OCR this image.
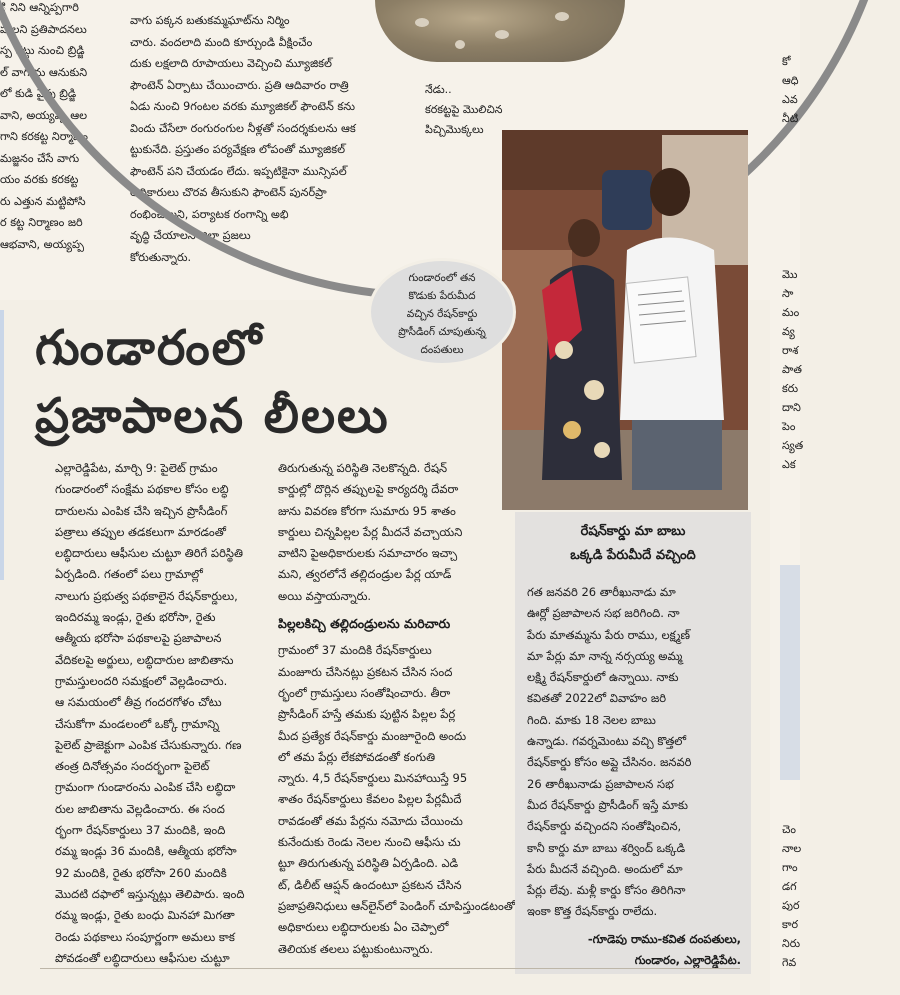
ి నిని ఆన్నిప్పగారి
హాలని ప్రతిపాదనలు
స్ప గట్టు నుంచి బ్రిడ్జి
ల్ వాగును ఆనుకుని
లో కుడి వైపు బ్రిడ్జి
వాని, అయ్యప్ప ఆల
గాని కరకట్ట నిర్మాణం
మజ్జనం చేసే వాగు
యం వరకు కరకట్ట
రు ఎత్తున మట్టిపోసి
ర కట్ట నిర్మాణం జరి
ఆభవాని, అయ్యప్ప
వాగు పక్కన బతుకమ్మఘాట్‌ను నిర్మిం
చారు. వందలాది మంది కూర్చుండి వీక్షించేం
దుకు లక్షలాది రూపాయలు వెచ్చించి మ్యూజికల్
ఫౌంటెన్ ఏర్పాటు చేయించారు. ప్రతి ఆదివారం రాత్రి
ఏడు నుంచి 9గంటల వరకు మ్యూజికల్ ఫౌంటెన్ కను
విందు చేసేలా రంగురంగుల నీళ్లతో సందర్శకులను ఆక
ట్టుకునేది. ప్రస్తుతం పర్యవేక్షణ లోపంతో మ్యూజికల్
ఫౌంటెన్ పని చేయడం లేదు. ఇప్పటికైనా మున్సిపల్
అధికారులు చొరవ తీసుకుని ఫౌంటెన్ పునర్‌ప్రా
రంభించాలని, పర్యాటక రంగాన్ని అభి
వృద్ధి చేయాలని జిల్లా ప్రజలు
కోరుతున్నారు.
నేడు..
కరకట్టపై మొలిచిన
పిచ్చిమొక్కలు
గుండారంలో
ప్రజాపాలన లీలలు
గుండారంలో తన
కొడుకు పేరుమీద
వచ్చిన రేషన్‌కార్డు
ప్రొసీడింగ్ చూపుతున్న
దంపతులు
ఎల్లారెడ్డిపేట, మార్చి 9: పైలెట్ గ్రామం
గుండారంలో సంక్షేమ పథకాల కోసం లబ్ధి
దారులను ఎంపిక చేసి ఇచ్చిన ప్రొసీడింగ్
పత్రాలు తప్పుల తడకలుగా మారడంతో
లబ్ధిదారులు ఆఫీసుల చుట్టూ తిరిగే పరిస్థితి
ఏర్పడింది. గతంలో పలు గ్రామాల్లో
నాలుగు ప్రభుత్వ పథకాలైన రేషన్‌కార్డులు,
ఇందిరమ్మ ఇండ్లు, రైతు భరోసా, రైతు
ఆత్మీయ భరోసా పథకాలపై ప్రజాపాలన
వేదికలపై అర్జులు, లబ్ధిదారుల జాబితాను
గ్రామస్తులందరి సమక్షంలో వెల్లడించారు.
ఆ సమయంలో తీవ్ర గందరగోళం చోటు
చేసుకోగా మండలంలో ఒక్కో గ్రామాన్ని
పైలెట్ ప్రాజెక్టుగా ఎంపిక చేసుకున్నారు. గణ
తంత్ర దినోత్సవం సందర్భంగా పైలెట్
గ్రామంగా గుండారంను ఎంపిక చేసి లబ్ధిదా
రుల జాబితాను వెల్లడించారు. ఈ సంద
ర్భంగా రేషన్‌కార్డులు 37 మందికి, ఇంది
రమ్మ ఇండ్లు 36 మందికి, ఆత్మీయ భరోసా
92 మందికి, రైతు భరోసా 260 మందికి
మొదటి దఫాలో ఇస్తున్నట్లు తెలిపారు. ఇంది
రమ్మ ఇండ్లు, రైతు బంధు మినహా మిగతా
రెండు పథకాలు సంపూర్ణంగా అమలు కాక
పోవడంతో లబ్ధిదారులు ఆఫీసుల చుట్టూ
తిరుగుతున్న పరిస్థితి నెలకొన్నది. రేషన్
కార్డుల్లో దొర్లిన తప్పులపై కార్యదర్శి దేవరా
జును వివరణ కోరగా సుమారు 95 శాతం
కార్డులు చిన్నపిల్లల పేర్ల మీదనే వచ్చాయని
వాటిని పైఅధికారులకు సమాచారం ఇచ్చా
మని, త్వరలోనే తల్లిదండ్రుల పేర్ల యాడ్
అయి వస్తాయన్నారు.
పిల్లలకిచ్చి తల్లిదండ్రులను మరిచారు
గ్రామంలో 37 మందికి రేషన్‌కార్డులు
మంజూరు చేసినట్లు ప్రకటన చేసిన సంద
ర్భంలో గ్రామస్తులు సంతోషించారు. తీరా
ప్రొసీడింగ్ హస్తే తమకు పుట్టిన పిల్లల పేర్ల
మీద ప్రత్యేక రేషన్‌కార్డు మంజూరైంది అందు
లో తమ పేర్లు లేకపోవడంతో కంగుతి
న్నారు. 4,5 రేషన్‌కార్డులు మినహాయిస్తే 95
శాతం రేషన్‌కార్డులు కేవలం పిల్లల పేర్లమీదే
రావడంతో తమ పేర్లను నమోదు చేయించు
కునేందుకు రెండు నెలల నుంచి ఆఫీసు చు
ట్టూ తిరుగుతున్న పరిస్థితి ఏర్పడింది. ఎడి
ట్, డిలీట్ ఆప్షన్ ఉందంటూ ప్రకటన చేసిన
ప్రజాప్రతినిధులు ఆన్‌లైన్‌లో పెండింగ్ చూపిస్తుండటంతో
అధికారులు లబ్ధిదారులకు ఏం చెప్పాలో
తెలియక తలలు పట్టుకుంటున్నారు.
రేషన్‌కార్డు మా బాబు
ఒక్కడి పేరుమీదే వచ్చింది
గత జనవరి 26 తారీఖునాడు మా
ఊర్లో ప్రజాపాలన సభ జరిగింది. నా
పేరు మాతమ్మను పేరు రాము, లక్ష్మణ్
మా పేర్లు మా నాన్న నర్సయ్య అమ్మ
లక్ష్మి రేషన్‌కార్డులో ఉన్నాయి. నాకు
కవితతో 2022లో వివాహం జరి
గింది. మాకు 18 నెలల బాబు
ఉన్నాడు. గవర్నమెంటు వచ్చి కొత్తలో
రేషన్‌కార్డు కోసం అప్లై చేసినం. జనవరి
26 తారీఖునాడు ప్రజాపాలన సభ
మీద రేషన్‌కార్డు ప్రొసీడింగ్ ఇస్తే మాకు
రేషన్‌కార్డు వచ్చిందని సంతోషించిన,
కానీ కార్డు మా బాబు శర్వింద్ ఒక్కడి
పేరు మీదనే వచ్చింది. అందులో మా
పేర్లు లేవు. మళ్లీ కార్డు కోసం తిరిగినా
ఇంకా కొత్త రేషన్‌కార్డు రాలేదు.
-గూడెపు రాము-కవిత దంపతులు,
గుండారం, ఎల్లారెడ్డిపేట.
కో
ఆధి
ఎవ
నీటి
మొ
సా
మం
వ్య
రాశ
పాత
కరు
దాని
పెం
స్యత
ఎక
చెం
నాల
గాం
డగ
పుర
కార
నిరు
గెవ
